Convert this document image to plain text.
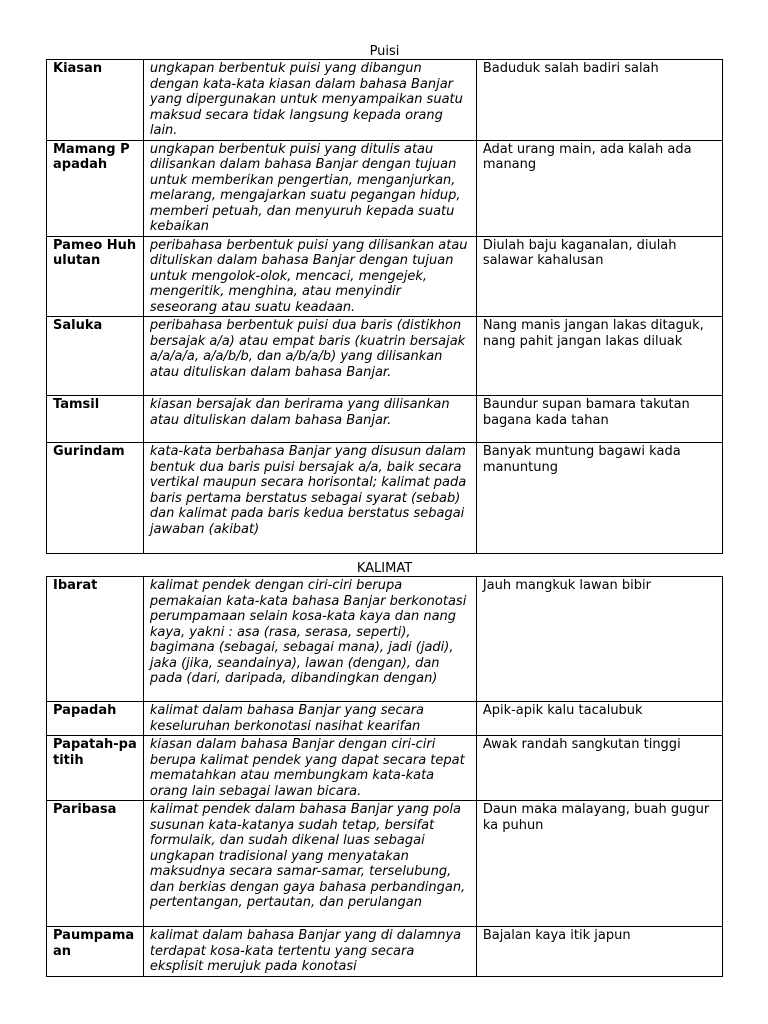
Puisi
Kiasan	ungkapan berbentuk puisi yang dibangun dengan kata-kata kiasan dalam bahasa Banjar yang dipergunakan untuk menyampaikan suatu maksud secara tidak langsung kepada orang lain.	Baduduk salah badiri salah
Mamang Papadah	ungkapan berbentuk puisi yang ditulis atau dilisankan dalam bahasa Banjar dengan tujuan untuk memberikan pengertian, menganjurkan, melarang, mengajarkan suatu pegangan hidup, memberi petuah, dan menyuruh kepada suatu kebaikan	Adat urang main, ada kalah ada manang
Pameo Huhulutan	peribahasa berbentuk puisi yang dilisankan atau dituliskan dalam bahasa Banjar dengan tujuan untuk mengolok-olok, mencaci, mengejek, mengeritik, menghina, atau menyindir seseorang atau suatu keadaan.	Diulah baju kaganalan, diulah salawar kahalusan
Saluka	peribahasa berbentuk puisi dua baris (distikhon bersajak a/a) atau empat baris (kuatrin bersajak a/a/a/a, a/a/b/b, dan a/b/a/b) yang dilisankan atau dituliskan dalam bahasa Banjar.	Nang manis jangan lakas ditaguk, nang pahit jangan lakas diluak
Tamsil	kiasan bersajak dan berirama yang dilisankan atau dituliskan dalam bahasa Banjar.	Baundur supan bamara takutan bagana kada tahan
Gurindam	kata-kata berbahasa Banjar yang disusun dalam bentuk dua baris puisi bersajak a/a, baik secara vertikal maupun secara horisontal; kalimat pada baris pertama berstatus sebagai syarat (sebab) dan kalimat pada baris kedua berstatus sebagai jawaban (akibat)	Banyak muntung bagawi kada manuntung
KALIMAT
Ibarat	kalimat pendek dengan ciri-ciri berupa pemakaian kata-kata bahasa Banjar berkonotasi perumpamaan selain kosa-kata kaya dan nang kaya, yakni : asa (rasa, serasa, seperti), bagimana (sebagai, sebagai mana), jadi (jadi), jaka (jika, seandainya), lawan (dengan), dan pada (dari, daripada, dibandingkan dengan)	Jauh mangkuk lawan bibir
Papadah	kalimat dalam bahasa Banjar yang secara keseluruhan berkonotasi nasihat kearifan	Apik-apik kalu tacalubuk
Papatah-patitih	kiasan dalam bahasa Banjar dengan ciri-ciri berupa kalimat pendek yang dapat secara tepat mematahkan atau membungkam kata-kata orang lain sebagai lawan bicara.	Awak randah sangkutan tinggi
Paribasa	kalimat pendek dalam bahasa Banjar yang pola susunan kata-katanya sudah tetap, bersifat formulaik, dan sudah dikenal luas sebagai ungkapan tradisional yang menyatakan maksudnya secara samar-samar, terselubung, dan berkias dengan gaya bahasa perbandingan, pertentangan, pertautan, dan perulangan	Daun maka malayang, buah gugur ka puhun
Paumpamaan	kalimat dalam bahasa Banjar yang di dalamnya terdapat kosa-kata tertentu yang secara eksplisit merujuk pada konotasi	Bajalan kaya itik japun
